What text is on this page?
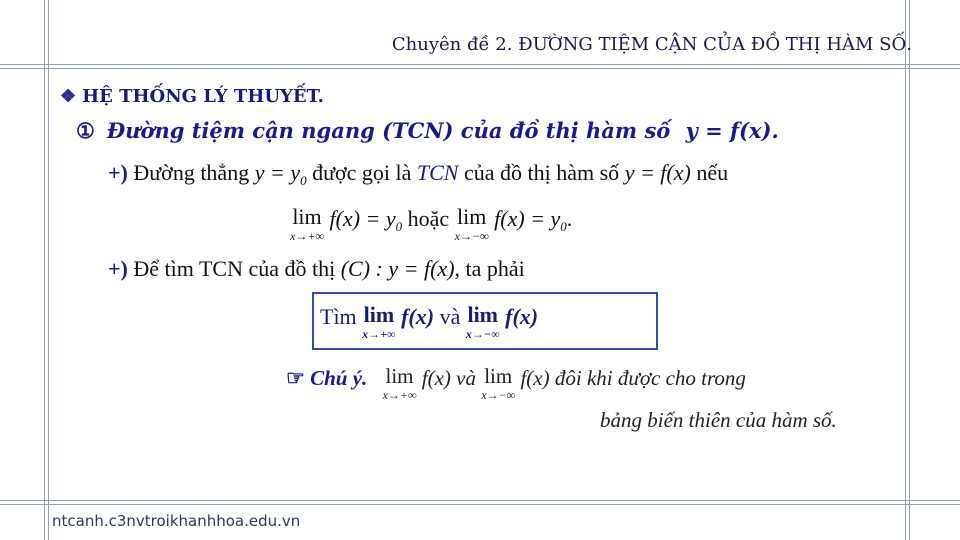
Chuyên đề 2. ĐƯỜNG TIỆM CẬN CỦA ĐỒ THỊ HÀM SỐ.
❖ HỆ THỐNG LÝ THUYẾT.
① Đường tiệm cận ngang (TCN) của đồ thị hàm số y = f(x).
+) Đường thẳng $y = y_0$ được gọi là TCN của đồ thị hàm số y = f(x) nếu
lim
x→+∞
$f(x) = y_0$ hoặc lim
x→−∞
$f(x) = y_0$.
+) Để tìm TCN của đồ thị (C) : y = f(x), ta phải
Tìm lim
x→+∞
f(x) và lim
x→−∞
f(x)
☞ Chú ý. lim
x→+∞
f(x) và lim
x→−∞
f(x) đôi khi được cho trong
bảng biến thiên của hàm số.
ntcanh.c3nvtroikhanhhoa.edu.vn
